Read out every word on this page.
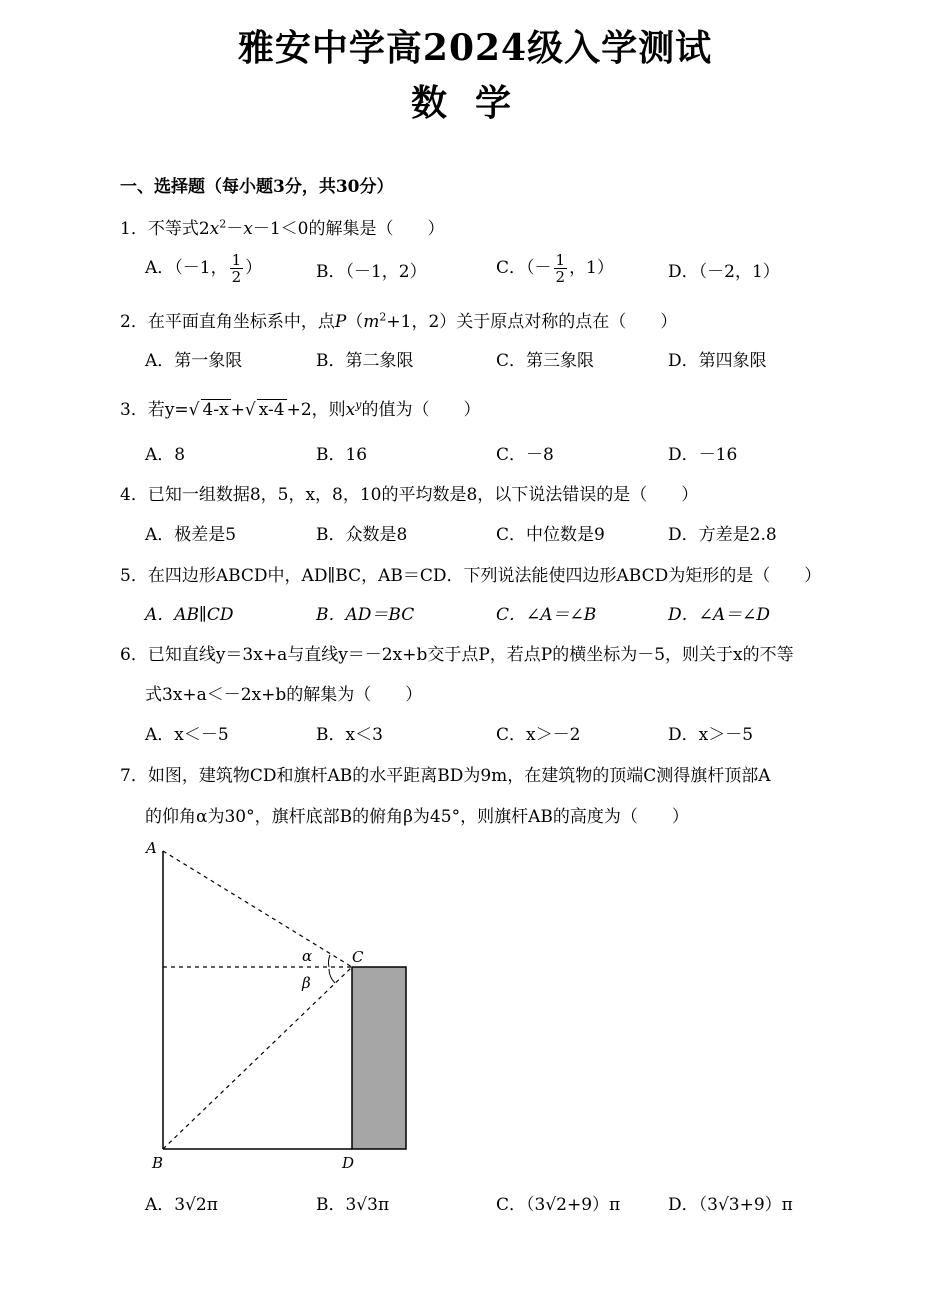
雅安中学高2024级入学测试
数学
一、选择题（每小题3分，共30分）
1．不等式$2x^2-x-1<0$的解集是（　　）
A．（－1， $\frac{1}{2}$ ）	B．（－1，2）	C．（－ $\frac{1}{2}$ ，1）	D．（－2，1）
2．在平面直角坐标系中，点$P(m^2+1$，2）关于原点对称的点在（　　）
A．第一象限	B．第二象限	C．第三象限	D．第四象限
3．若y=√ 4-x +√ x-4 +2，则$x^y$的值为（　　）
A．8	B．16	C．－8	D．－16
4．已知一组数据8，5，x，8，10的平均数是8，以下说法错误的是（　　）
A．极差是5	B．众数是8	C．中位数是9	D．方差是2.8
5．在四边形ABCD中，AD∥BC，AB＝CD．下列说法能使四边形ABCD为矩形的是（　　）
A．AB∥CD	B．AD＝BC	C．∠A＝∠B	D．∠A＝∠D
6．已知直线y＝3x+a与直线y＝－2x+b交于点P，若点P的横坐标为－5，则关于x的不等
式3x+a＜－2x+b的解集为（　　）
A．x＜－5	B．x＜3	C．x＞－2	D．x＞－5
7．如图，建筑物CD和旗杆AB的水平距离BD为9m，在建筑物的顶端C测得旗杆顶部A
的仰角α为30°，旗杆底部B的俯角β为45°，则旗杆AB的高度为（　　）
A
B
C
D
α
β
A．3√2π	B．3√3π	C．（3√2+9）π	D．（3√3+9）π
